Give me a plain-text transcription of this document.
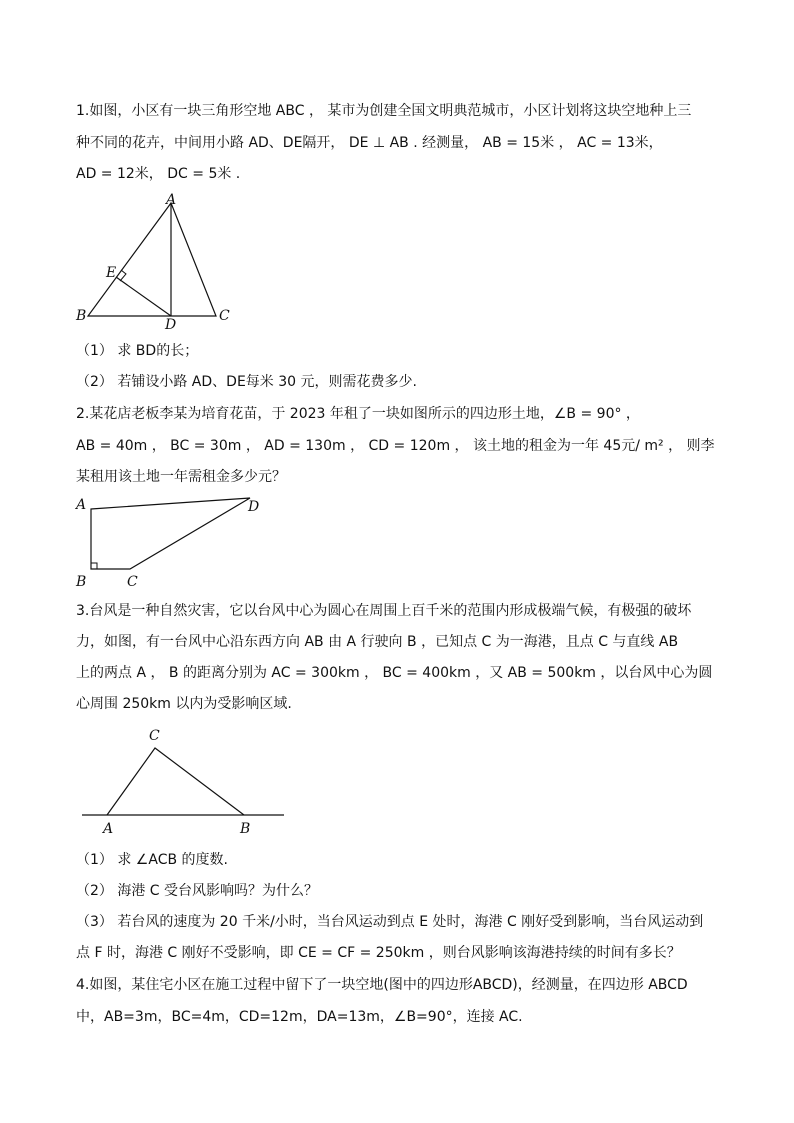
1.如图，小区有一块三角形空地 ABC ， 某市为创建全国文明典范城市，小区计划将这块空地种上三
种不同的花卉，中间用小路 AD、DE隔开， DE ⊥ AB . 经测量， AB = 15米 ， AC = 13米，
AD = 12米， DC = 5米 .
A
B	C
D
E
（1） 求 BD的长；
（2） 若铺设小路 AD、DE每米 30 元，则需花费多少.
2.某花店老板李某为培育花苗，于 2023 年租了一块如图所示的四边形土地，∠B = 90° ，
AB = 40m ， BC = 30m ， AD = 130m ， CD = 120m ， 该土地的租金为一年 45元/ m² ， 则李
某租用该土地一年需租金多少元？
A	D
B	C
3.台风是一种自然灾害，它以台风中心为圆心在周围上百千米的范围内形成极端气候，有极强的破坏
力，如图，有一台风中心沿东西方向 AB 由 A 行驶向 B ，已知点 C 为一海港，且点 C 与直线 AB
上的两点 A ， B 的距离分别为 AC = 300km ， BC = 400km ，又 AB = 500km ，以台风中心为圆
心周围 250km 以内为受影响区域.
C
A	B
（1） 求 ∠ACB 的度数.
（2） 海港 C 受台风影响吗？为什么？
（3） 若台风的速度为 20 千米/小时，当台风运动到点 E 处时，海港 C 刚好受到影响，当台风运动到
点 F 时，海港 C 刚好不受影响，即 CE = CF = 250km ，则台风影响该海港持续的时间有多长？
4.如图，某住宅小区在施工过程中留下了一块空地(图中的四边形ABCD)，经测量，在四边形 ABCD
中，AB=3m，BC=4m，CD=12m，DA=13m，∠B=90°，连接 AC.
